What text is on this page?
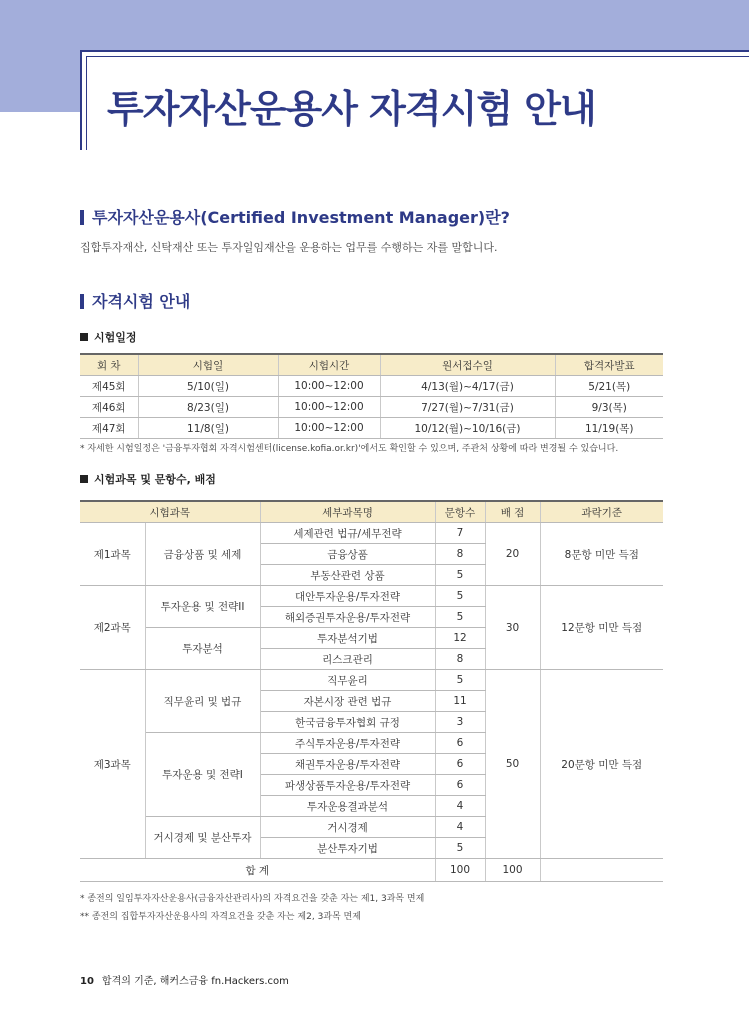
투자자산운용사 자격시험 안내
투자자산운용사(Certified Investment Manager)란?

집합투자재산, 신탁재산 또는 투자일임재산을 운용하는 업무를 수행하는 자를 말합니다.

자격시험 안내
시험일정
회 차	시험일	시험시간	원서접수일	합격자발표
제45회	5/10(일)	10:00~12:00	4/13(월)~4/17(금)	5/21(목)
제46회	8/23(일)	10:00~12:00	7/27(월)~7/31(금)	9/3(목)
제47회	11/8(일)	10:00~12:00	10/12(월)~10/16(금)	11/19(목)

* 자세한 시험일정은 '금융투자협회 자격시험센터(license.kofia.or.kr)'에서도 확인할 수 있으며, 주관처 상황에 따라 변경될 수 있습니다.

시험과목 및 문항수, 배점
시험과목		세부과목명	문항수	배 점	과락기준
제1과목	금융상품 및 세제	세제관련 법규/세무전략	7	20	8문항 미만 득점
		금융상품	8		
		부동산관련 상품	5		
제2과목	투자운용 및 전략II	대안투자운용/투자전략	5	30	12문항 미만 득점
		해외증권투자운용/투자전략	5		
	투자분석	투자분석기법	12		
		리스크관리	8		
제3과목	직무윤리 및 법규	직무윤리	5	50	20문항 미만 득점
		자본시장 관련 법규	11		
		한국금융투자협회 규정	3		
	투자운용 및 전략I	주식투자운용/투자전략	6		
		채권투자운용/투자전략	6		
		파생상품투자운용/투자전략	6		
		투자운용결과분석	4		
	거시경제 및 분산투자	거시경제	4		
		분산투자기법	5		
합 계			100	100	

* 종전의 일임투자자산운용사(금융자산관리사)의 자격요건을 갖춘 자는 제1, 3과목 면제

** 종전의 집합투자자산운용사의 자격요건을 갖춘 자는 제2, 3과목 면제

10 합격의 기준, 해커스금융 fn.Hackers.com
